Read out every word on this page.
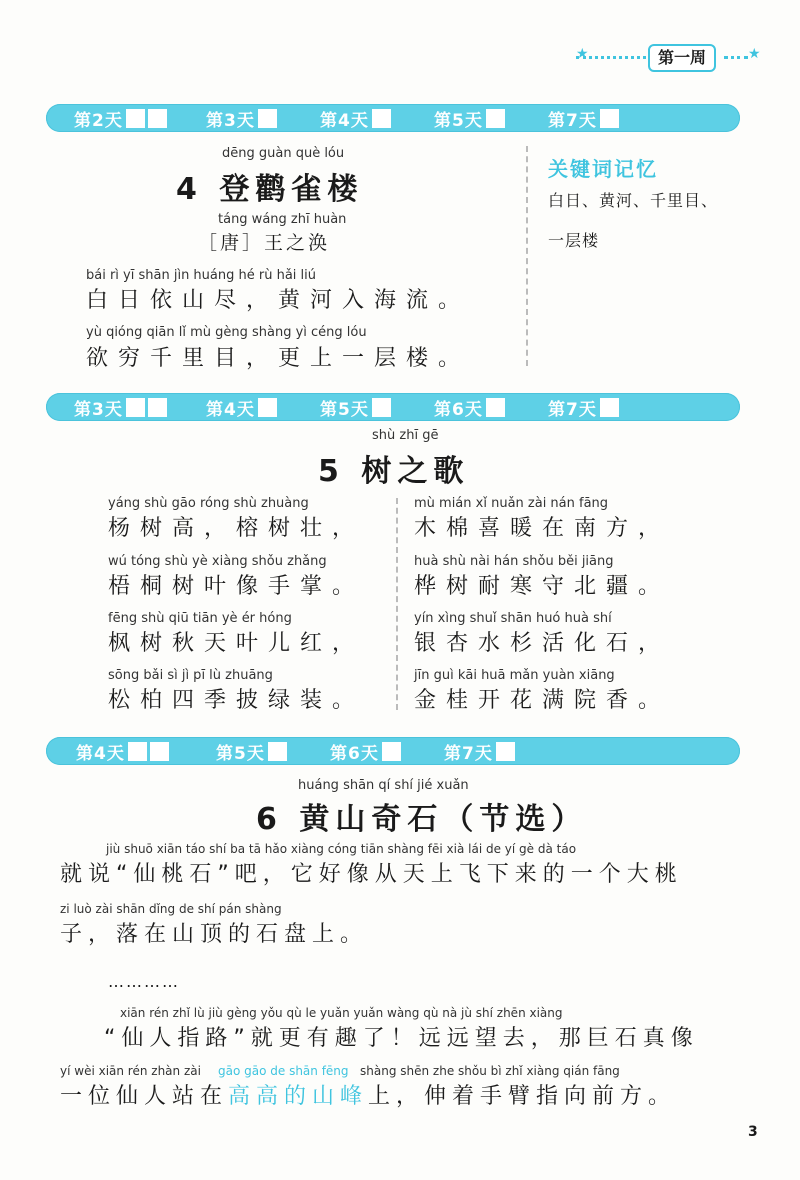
★	第一周	★
第2天	第3天	第4天	第5天	第7天
dēng guàn què lóu
4 登鹳雀楼
táng wáng zhī huàn
［唐］王之涣
bái rì yī shān jìn huáng hé rù hǎi liú
白日依山尽，黄河入海流。
yù qióng qiān lǐ mù gèng shàng yì céng lóu
欲穷千里目，更上一层楼。
关键词记忆
白日、黄河、千里目、
一层楼
第3天	第4天	第5天	第6天	第7天
shù zhī gē
5 树之歌
yáng shù gāo róng shù zhuàng
杨树高，榕树壮，
wú tóng shù yè xiàng shǒu zhǎng
梧桐树叶像手掌。
fēng shù qiū tiān yè ér hóng
枫树秋天叶儿红，
sōng bǎi sì jì pī lù zhuāng
松柏四季披绿装。
mù mián xǐ nuǎn zài nán fāng
木棉喜暖在南方，
huà shù nài hán shǒu běi jiāng
桦树耐寒守北疆。
yín xìng shuǐ shān huó huà shí
银杏水杉活化石，
jīn guì kāi huā mǎn yuàn xiāng
金桂开花满院香。
第4天	第5天	第6天	第7天
huáng shān qí shí jié xuǎn
6 黄山奇石（节选）
jiù shuō xiān táo shí ba tā hǎo xiàng cóng tiān shàng fēi xià lái de yí gè dà táo
就说“仙桃石”吧，它好像从天上飞下来的一个大桃
zi luò zài shān dǐng de shí pán shàng
子，落在山顶的石盘上。
…………
xiān rén zhǐ lù jiù gèng yǒu qù le yuǎn yuǎn wàng qù nà jù shí zhēn xiàng
“仙人指路”就更有趣了！远远望去，那巨石真像
yí wèi xiān rén zhàn zài gāo gāo de shān fēng shàng shēn zhe shǒu bì zhǐ xiàng qián fāng
一位仙人站在高高的山峰上，伸着手臂指向前方。
3
